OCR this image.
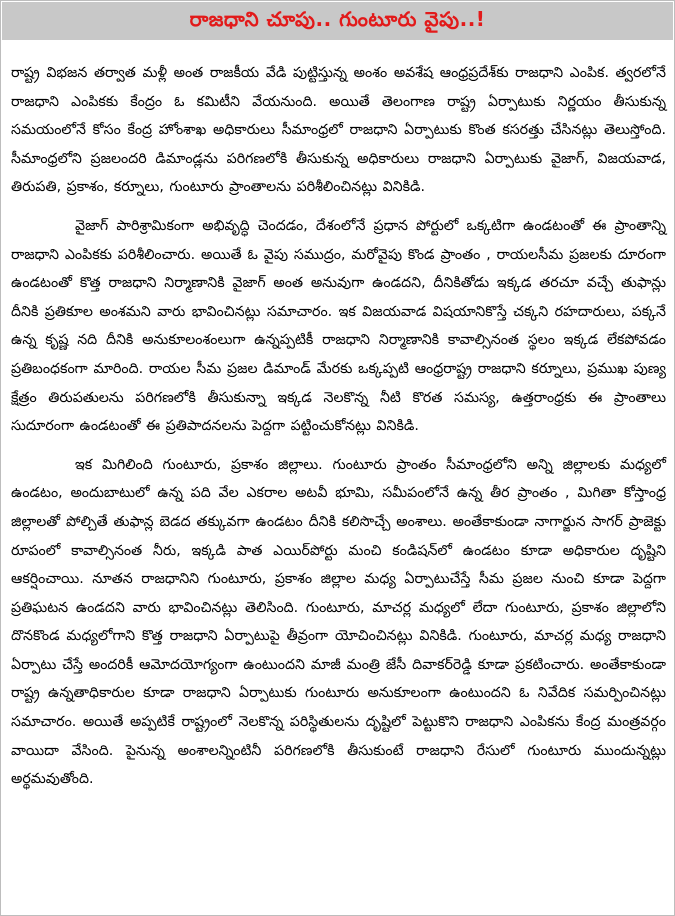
రాజధాని చూపు.. గుంటూరు వైపు..!

రాష్ట్ర విభజన తర్వాత మళ్లీ అంత రాజకీయ వేడి పుట్టిస్తున్న అంశం అవశేష ఆంధ్రప్రదేశ్‌కు రాజధాని ఎంపిక. త్వరలోనే రాజధాని ఎంపికకు కేంద్రం ఓ కమిటీని వేయనుంది. అయితే తెలంగాణ రాష్ట్ర ఏర్పాటుకు నిర్ణయం తీసుకున్న సమయంలోనే కోసం కేంద్ర హోంశాఖ అధికారులు సీమాంధ్రలో రాజధాని ఏర్పాటుకు కొంత కసరత్తు చేసినట్లు తెలుస్తోంది. సీమాంధ్రలోని ప్రజలందరి డిమాండ్లను పరిగణలోకి తీసుకున్న అధికారులు రాజధాని ఏర్పాటుకు వైజాగ్‌, విజయవాడ, తిరుపతి, ప్రకాశం, కర్నూలు, గుంటూరు ప్రాంతాలను పరిశీలించినట్లు వినికిడి.

వైజాగ్‌ పారిశ్రామికంగా అభివృద్ధి చెందడం, దేశంలోనే ప్రధాన పోర్టులో ఒక్కటిగా ఉండటంతో ఈ ప్రాంతాన్ని రాజధాని ఎంపికకు పరిశీలించారు. అయితే ఓ వైపు సముద్రం, మరోవైపు కొండ ప్రాంతం , రాయలసీమ ప్రజలకు దూరంగా ఉండటంతో కొత్త రాజధాని నిర్మాణానికి వైజాగ్‌ అంత అనువుగా ఉండదని, దీనికితోడు ఇక్కడ తరచూ వచ్చే తుఫాన్లు దీనికి ప్రతికూల అంశమని వారు భావించినట్లు సమాచారం. ఇక విజయవాడ విషయానికొస్తే చక్కని రహదారులు, పక్కనే ఉన్న కృష్ణ నది దీనికి అనుకూలంశంలుగా ఉన్నప్పటికీ రాజధాని నిర్మాణానికి కావాల్సినంత స్థలం ఇక్కడ లేకపోవడం ప్రతిబంధకంగా మారింది. రాయల సీమ ప్రజల డిమాండ్‌ మేరకు ఒక్కప్పటి ఆంధ్రరాష్ట్ర రాజధాని కర్నూలు, ప్రముఖ పుణ్య క్షేత్రం తిరుపతులను పరిగణలోకి తీసుకున్నా ఇక్కడ నెలకొన్న నీటి కొరత సమస్య, ఉత్తరాంధ్రకు ఈ ప్రాంతాలు సుదూరంగా ఉండటంతో ఈ ప్రతిపాదనలను పెద్దగా పట్టించుకోనట్లు వినికిడి.

ఇక మిగిలింది గుంటూరు, ప్రకాశం జిల్లాలు. గుంటూరు ప్రాంతం సీమాంధ్రలోని అన్ని జిల్లాలకు మధ్యలో ఉండటం, అందుబాటులో ఉన్న పది వేల ఎకరాల అటవీ భూమి, సమీపంలోనే ఉన్న తీర ప్రాంతం , మిగితా కోస్తాంధ్ర జిల్లాలతో పోల్చితే తుఫాన్ల బెడద తక్కువగా ఉండటం దీనికి కలిసొచ్చే అంశాలు. అంతేకాకుండా నాగార్జున సాగర్‌ ప్రాజెక్టు రూపంలో కావాల్సినంత నీరు, ఇక్కడి పాత ఎయిర్‌పోర్టు మంచి కండిషన్‌లో ఉండటం కూడా అధికారుల దృష్టిని ఆకర్షించాయి. నూతన రాజధానిని గుంటూరు, ప్రకాశం జిల్లాల మధ్య ఏర్పాటుచేస్తే సీమ ప్రజల నుంచి కూడా పెద్దగా ప్రతిఘటన ఉండదని వారు భావించినట్లు తెలిసింది. గుంటూరు, మాచర్ల మధ్యలో లేదా గుంటూరు, ప్రకాశం జిల్లాలోని దొనకొండ మధ్యలోగాని కొత్త రాజధాని ఏర్పాటుపై తీవ్రంగా యోచించినట్లు వినికిడి. గుంటూరు, మాచర్ల మధ్య రాజధాని ఏర్పాటు చేస్తే అందరికీ ఆమోదయోగ్యంగా ఉంటుందని మాజీ మంత్రి జేసీ దివాకర్‌రెడ్డి కూడా ప్రకటించారు. అంతేకాకుండా రాష్ట్ర ఉన్నతాధికారుల కూడా రాజధాని ఏర్పాటుకు గుంటూరు అనుకూలంగా ఉంటుందని ఓ నివేదిక సమర్పించినట్లు సమాచారం. అయితే అప్పటికే రాష్ట్రంలో నెలకొన్న పరిస్థితులను దృష్టిలో పెట్టుకొని రాజధాని ఎంపికను కేంద్ర మంత్రవర్గం వాయిదా వేసింది. పైనున్న అంశాలన్నింటినీ పరిగణలోకి తీసుకుంటే రాజధాని రేసులో గుంటూరు ముందున్నట్లు అర్థమవుతోంది.
